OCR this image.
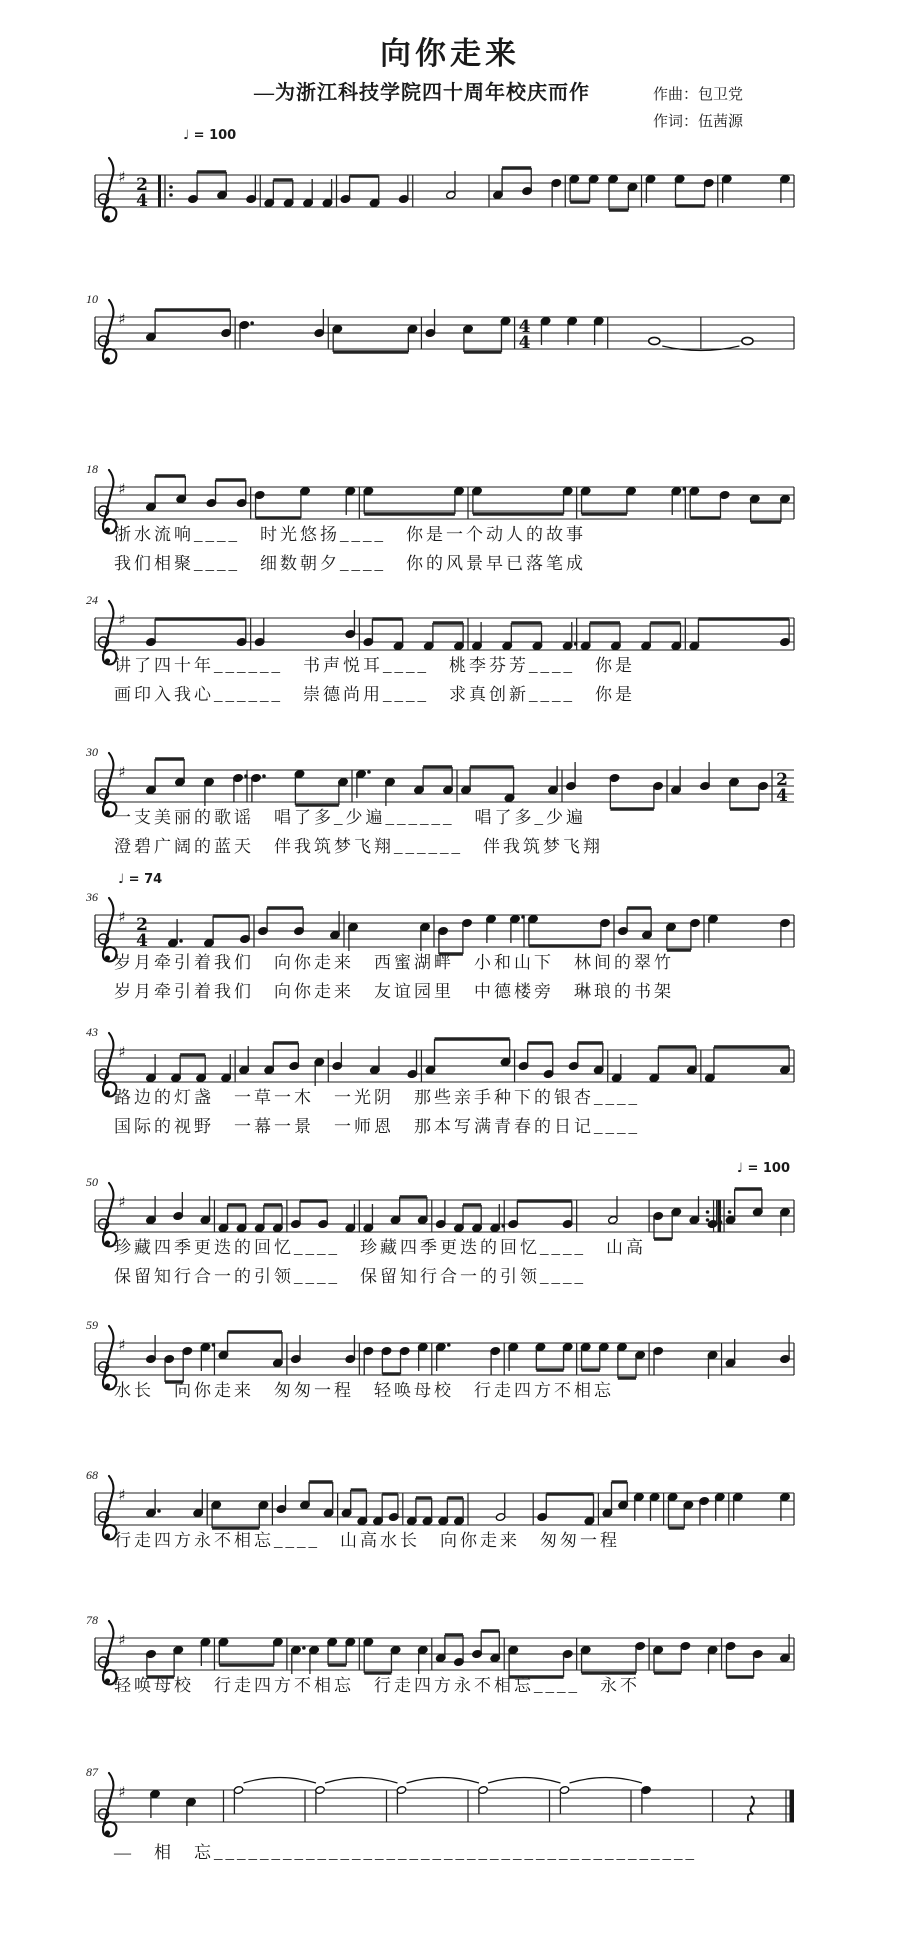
向你走来
—为浙江科技学院四十周年校庆而作	作曲：包卫党
作词：伍茜源
♩ = 100
♯ 2
4
10
♯	4
4
18
♯
浙水流响____　时光悠扬____　你是一个动人的故事
我们相聚____　细数朝夕____　你的风景早已落笔成
24
♯
讲了四十年______　书声悦耳____　桃李芬芳____　你是
画印入我心______　崇德尚用____　求真创新____　你是
30
♯	2
4
一支美丽的歌谣　唱了多_少遍______　唱了多_少遍
澄碧广阔的蓝天　伴我筑梦飞翔______　伴我筑梦飞翔
36
♩ = 74
♯ 2
4
岁月牵引着我们　向你走来　西蜜湖畔　小和山下　林间的翠竹
岁月牵引着我们　向你走来　友谊园里　中德楼旁　琳琅的书架
43
♯
路边的灯盏　一草一木　一光阴　那些亲手种下的银杏____
国际的视野　一幕一景　一师恩　那本写满青春的日记____
50
♩ = 100
♯
珍藏四季更迭的回忆____　珍藏四季更迭的回忆____　山高
保留知行合一的引领____　保留知行合一的引领____
59
♯
水长　向你走来　匆匆一程　轻唤母校　行走四方不相忘
68
♯
行走四方永不相忘____　山高水长　向你走来　匆匆一程
78
♯
轻唤母校　行走四方不相忘　行走四方永不相忘____　永不
87
♯
—　相　忘__________________________________________
